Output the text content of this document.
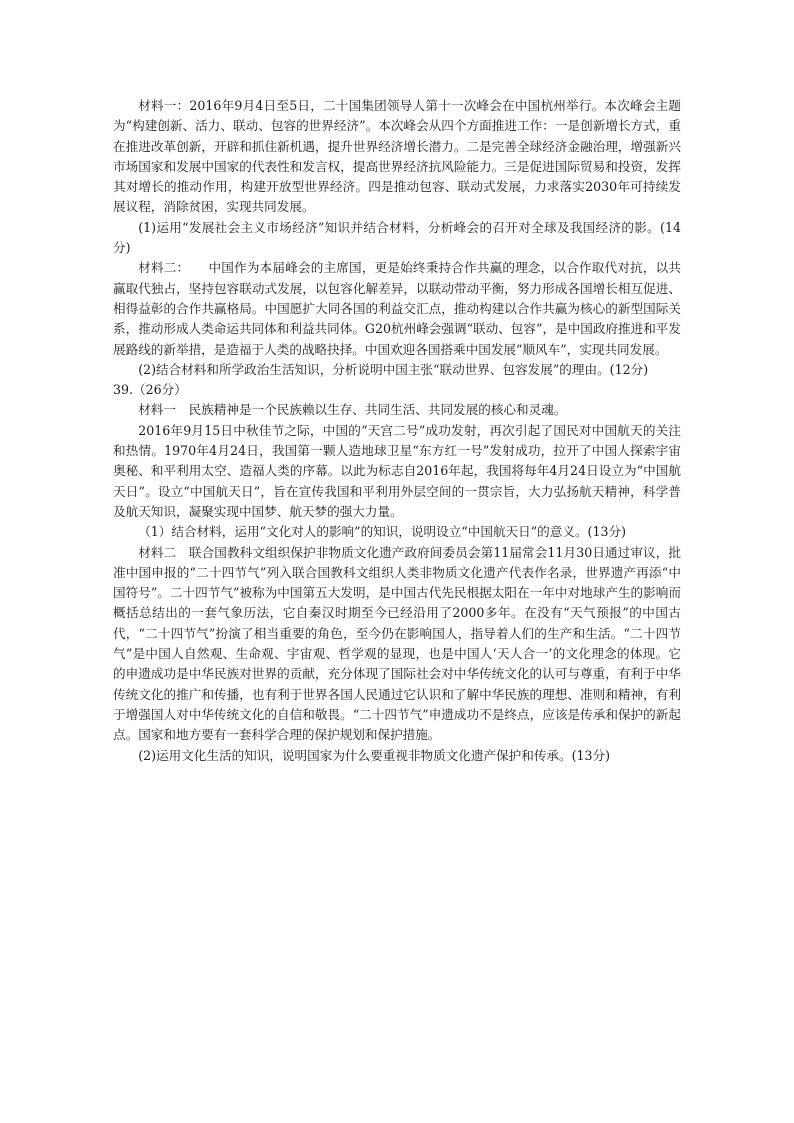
材料一：2016年9月4日至5日，二十国集团领导人第十一次峰会在中国杭州举行。本次峰会主题为“构建创新、活力、联动、包容的世界经济”。本次峰会从四个方面推进工作：一是创新增长方式，重在推进改革创新，开辟和抓住新机遇，提升世界经济增长潜力。二是完善全球经济金融治理，增强新兴市场国家和发展中国家的代表性和发言权，提高世界经济抗风险能力。三是促进国际贸易和投资，发挥其对增长的推动作用，构建开放型世界经济。四是推动包容、联动式发展，力求落实2030年可持续发展议程，消除贫困，实现共同发展。

(1)运用“发展社会主义市场经济”知识并结合材料，分析峰会的召开对全球及我国经济的影。(14分)

材料二：　　中国作为本届峰会的主席国，更是始终秉持合作共赢的理念，以合作取代对抗，以共赢取代独占，坚持包容联动式发展，以包容化解差异，以联动带动平衡，努力形成各国增长相互促进、相得益彰的合作共赢格局。中国愿扩大同各国的利益交汇点，推动构建以合作共赢为核心的新型国际关系，推动形成人类命运共同体和利益共同体。G20杭州峰会强调“联动、包容”，是中国政府推进和平发展路线的新举措，是造福于人类的战略抉择。中国欢迎各国搭乘中国发展“顺风车”，实现共同发展。

(2)结合材料和所学政治生活知识，分析说明中国主张“联动世界、包容发展”的理由。(12分)

39.（26分）

材料一　民族精神是一个民族赖以生存、共同生活、共同发展的核心和灵魂。

2016年9月15日中秋佳节之际，中国的“天宫二号”成功发射，再次引起了国民对中国航天的关注和热情。1970年4月24日，我国第一颗人造地球卫星“东方红一号”发射成功，拉开了中国人探索宇宙奥秘、和平利用太空、造福人类的序幕。以此为标志自2016年起，我国将每年4月24日设立为“中国航天日”。设立“中国航天日”，旨在宣传我国和平利用外层空间的一贯宗旨，大力弘扬航天精神，科学普及航天知识，凝聚实现中国梦、航天梦的强大力量。

（1）结合材料，运用“文化对人的影响”的知识，说明设立“中国航天日”的意义。(13分)

材料二　联合国教科文组织保护非物质文化遗产政府间委员会第11届常会11月30日通过审议，批准中国申报的“二十四节气”列入联合国教科文组织人类非物质文化遗产代表作名录，世界遗产再添“中国符号”。二十四节气”被称为中国第五大发明，是中国古代先民根据太阳在一年中对地球产生的影响而概括总结出的一套气象历法，它自秦汉时期至今已经沿用了2000多年。在没有“天气预报”的中国古代，“二十四节气”扮演了相当重要的角色，至今仍在影响国人，指导着人们的生产和生活。“二十四节气”是中国人自然观、生命观、宇宙观、哲学观的显现，也是中国人‘天人合一’的文化理念的体现。它的申遗成功是中华民族对世界的贡献，充分体现了国际社会对中华传统文化的认可与尊重，有利于中华传统文化的推广和传播，也有利于世界各国人民通过它认识和了解中华民族的理想、准则和精神，有利于增强国人对中华传统文化的自信和敬畏。“二十四节气”申遗成功不是终点，应该是传承和保护的新起点。国家和地方要有一套科学合理的保护规划和保护措施。

(2)运用文化生活的知识，说明国家为什么要重视非物质文化遗产保护和传承。(13分)
